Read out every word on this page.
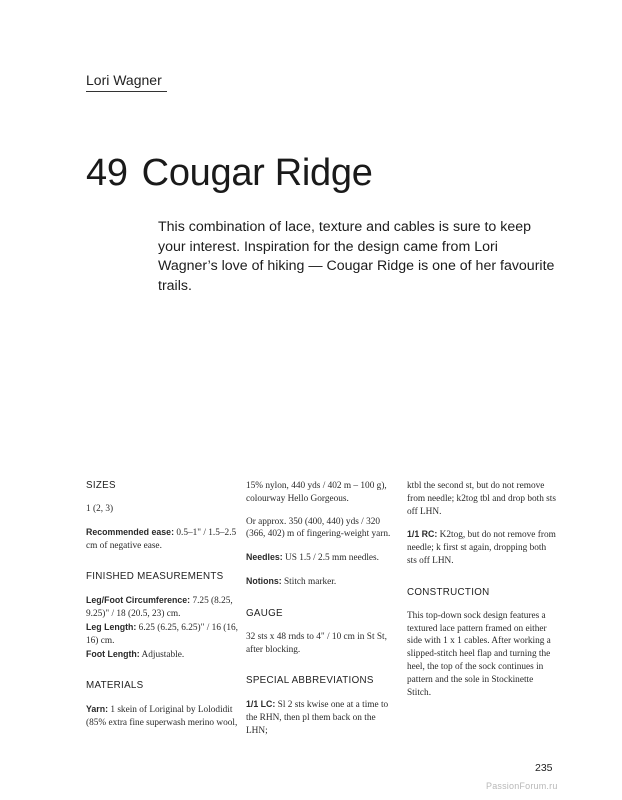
Lori Wagner
49 Cougar Ridge

This combination of lace, texture and cables is sure to keep your interest. Inspiration for the design came from Lori Wagner’s love of hiking — Cougar Ridge is one of her favourite trails.

SIZES

1 (2, 3)

Recommended ease: 0.5–1" / 1.5–2.5 cm of negative ease.

FINISHED MEASUREMENTS

Leg/Foot Circumference: 7.25 (8.25, 9.25)" / 18 (20.5, 23) cm.

Leg Length: 6.25 (6.25, 6.25)" / 16 (16, 16) cm.

Foot Length: Adjustable.

MATERIALS

Yarn: 1 skein of Loriginal by Lolodidit (85% extra fine superwash merino wool,

15% nylon, 440 yds / 402 m – 100 g), colourway Hello Gorgeous.

Or approx. 350 (400, 440) yds / 320 (366, 402) m of fingering-weight yarn.

Needles: US 1.5 / 2.5 mm needles.

Notions: Stitch marker.

GAUGE

32 sts x 48 rnds to 4" / 10 cm in St St, after blocking.

SPECIAL ABBREVIATIONS

1/1 LC: Sl 2 sts kwise one at a time to the RHN, then pl them back on the LHN;

ktbl the second st, but do not remove from needle; k2tog tbl and drop both sts off LHN.

1/1 RC: K2tog, but do not remove from needle; k first st again, dropping both sts off LHN.

CONSTRUCTION

This top-down sock design features a textured lace pattern framed on either side with 1 x 1 cables. After working a slipped-stitch heel flap and turning the heel, the top of the sock continues in pattern and the sole in Stockinette Stitch.

235
PassionForum.ru
